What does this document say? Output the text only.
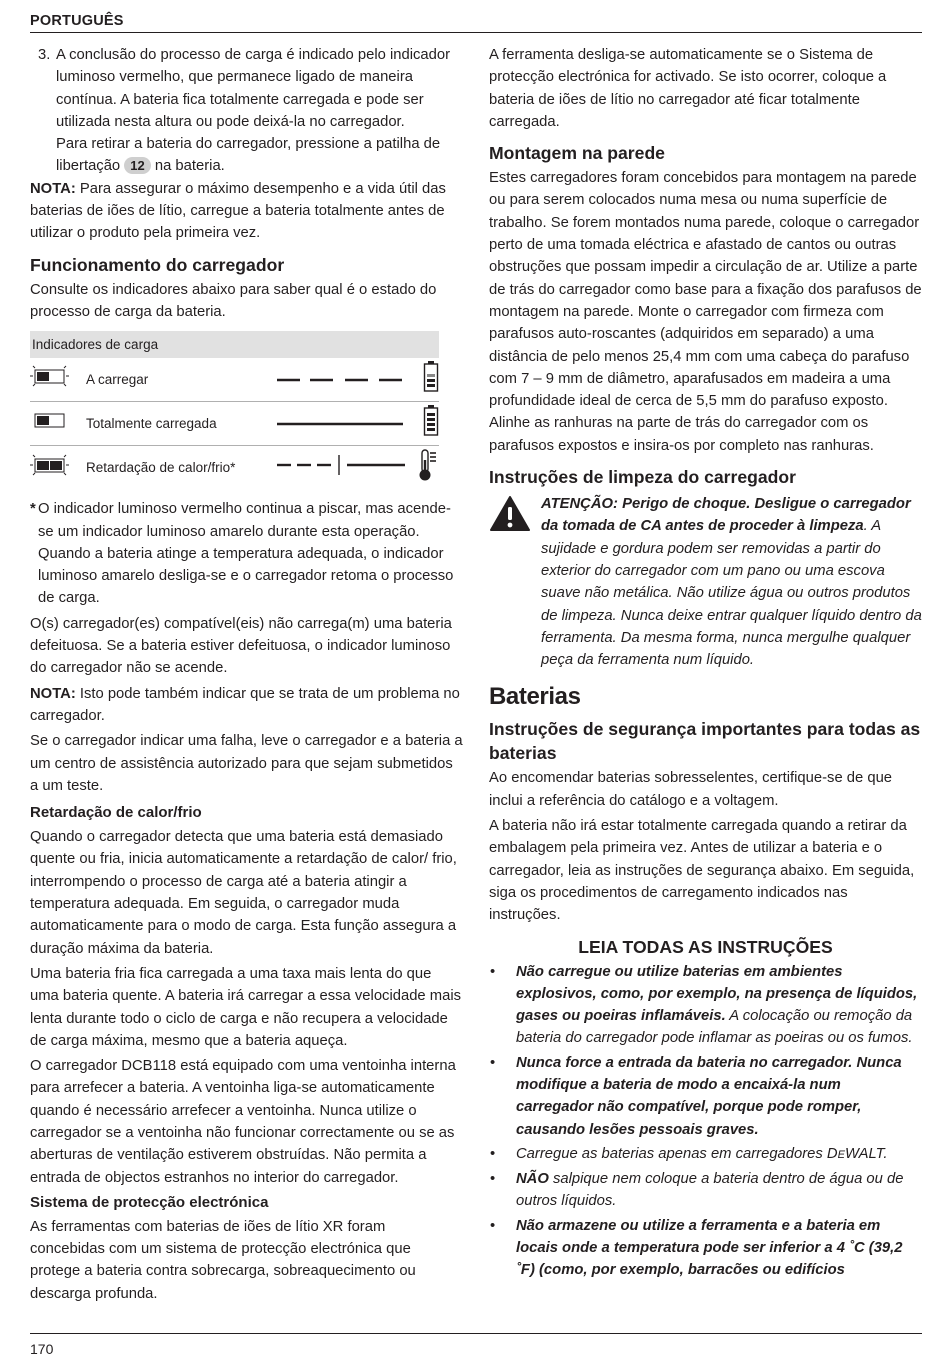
PORTUGUÊS
3. A conclusão do processo de carga é indicado pelo indicador
luminoso vermelho, que permanece ligado de maneira
contínua. A bateria fica totalmente carregada e pode ser
utilizada nesta altura ou pode deixá-la no carregador.
Para retirar a bateria do carregador, pressione a patilha de
libertação 12 na bateria.

NOTA: Para assegurar o máximo desempenho e a vida útil das baterias de iões de lítio, carregue a bateria totalmente antes de utilizar o produto pela primeira vez.

Funcionamento do carregador

Consulte os indicadores abaixo para saber qual é o estado do processo de carga da bateria.

Indicadores de carga
A carregar
Totalmente carregada
Retardação de calor/frio*
* O indicador luminoso vermelho continua a piscar, mas acende-se um indicador luminoso amarelo durante esta operação. Quando a bateria atinge a temperatura adequada, o indicador luminoso amarelo desliga-se e o carregador retoma o processo de carga.

O(s) carregador(es) compatível(eis) não carrega(m) uma bateria defeituosa. Se a bateria estiver defeituosa, o indicador luminoso do carregador não se acende.

NOTA: Isto pode também indicar que se trata de um problema no carregador.

Se o carregador indicar uma falha, leve o carregador e a bateria a um centro de assistência autorizado para que sejam submetidos a um teste.

Retardação de calor/frio

Quando o carregador detecta que uma bateria está demasiado quente ou fria, inicia automaticamente a retardação de calor/ frio, interrompendo o processo de carga até a bateria atingir a temperatura adequada. Em seguida, o carregador muda automaticamente para o modo de carga. Esta função assegura a duração máxima da bateria.

Uma bateria fria fica carregada a uma taxa mais lenta do que uma bateria quente. A bateria irá carregar a essa velocidade mais lenta durante todo o ciclo de carga e não recupera a velocidade de carga máxima, mesmo que a bateria aqueça.

O carregador DCB118 está equipado com uma ventoinha interna para arrefecer a bateria. A ventoinha liga-se automaticamente quando é necessário arrefecer a ventoinha. Nunca utilize o carregador se a ventoinha não funcionar correctamente ou se as aberturas de ventilação estiverem obstruídas. Não permita a entrada de objectos estranhos no interior do carregador.

Sistema de protecção electrónica

As ferramentas com baterias de iões de lítio XR foram concebidas com um sistema de protecção electrónica que protege a bateria contra sobrecarga, sobreaquecimento ou descarga profunda.

A ferramenta desliga-se automaticamente se o Sistema de protecção electrónica for activado. Se isto ocorrer, coloque a bateria de iões de lítio no carregador até ficar totalmente carregada.

Montagem na parede

Estes carregadores foram concebidos para montagem na parede ou para serem colocados numa mesa ou numa superfície de trabalho. Se forem montados numa parede, coloque o carregador perto de uma tomada eléctrica e afastado de cantos ou outras obstruções que possam impedir a circulação de ar. Utilize a parte de trás do carregador como base para a fixação dos parafusos de montagem na parede. Monte o carregador com firmeza com parafusos auto-roscantes (adquiridos em separado) a uma distância de pelo menos 25,4 mm com uma cabeça do parafuso com 7 – 9 mm de diâmetro, aparafusados em madeira a uma profundidade ideal de cerca de 5,5 mm do parafuso exposto. Alinhe as ranhuras na parte de trás do carregador com os parafusos expostos e insira-os por completo nas ranhuras.

Instruções de limpeza do carregador
ATENÇÃO: Perigo de choque. Desligue o carregador da tomada de CA antes de proceder à limpeza. A sujidade e gordura podem ser removidas a partir do exterior do carregador com um pano ou uma escova suave não metálica. Não utilize água ou outros produtos de limpeza. Nunca deixe entrar qualquer líquido dentro da ferramenta. Da mesma forma, nunca mergulhe qualquer peça da ferramenta num líquido.
Baterias
Instruções de segurança importantes para todas as baterias

Ao encomendar baterias sobresselentes, certifique-se de que inclui a referência do catálogo e a voltagem.

A bateria não irá estar totalmente carregada quando a retirar da embalagem pela primeira vez. Antes de utilizar a bateria e o carregador, leia as instruções de segurança abaixo. Em seguida, siga os procedimentos de carregamento indicados nas instruções.

LEIA TODAS AS INSTRUÇÕES
•	Não carregue ou utilize baterias em ambientes explosivos, como, por exemplo, na presença de líquidos, gases ou poeiras inflamáveis. A colocação ou remoção da bateria do carregador pode inflamar as poeiras ou os fumos.
•	Nunca force a entrada da bateria no carregador. Nunca modifique a bateria de modo a encaixá-la num carregador não compatível, porque pode romper, causando lesões pessoais graves.
•	Carregue as baterias apenas em carregadores DEWALT.
•	NÃO salpique nem coloque a bateria dentro de água ou de outros líquidos.
•	Não armazene ou utilize a ferramenta e a bateria em locais onde a temperatura pode ser inferior a 4 ˚C (39,2 ˚F) (como, por exemplo, barracões ou edifícios
170
